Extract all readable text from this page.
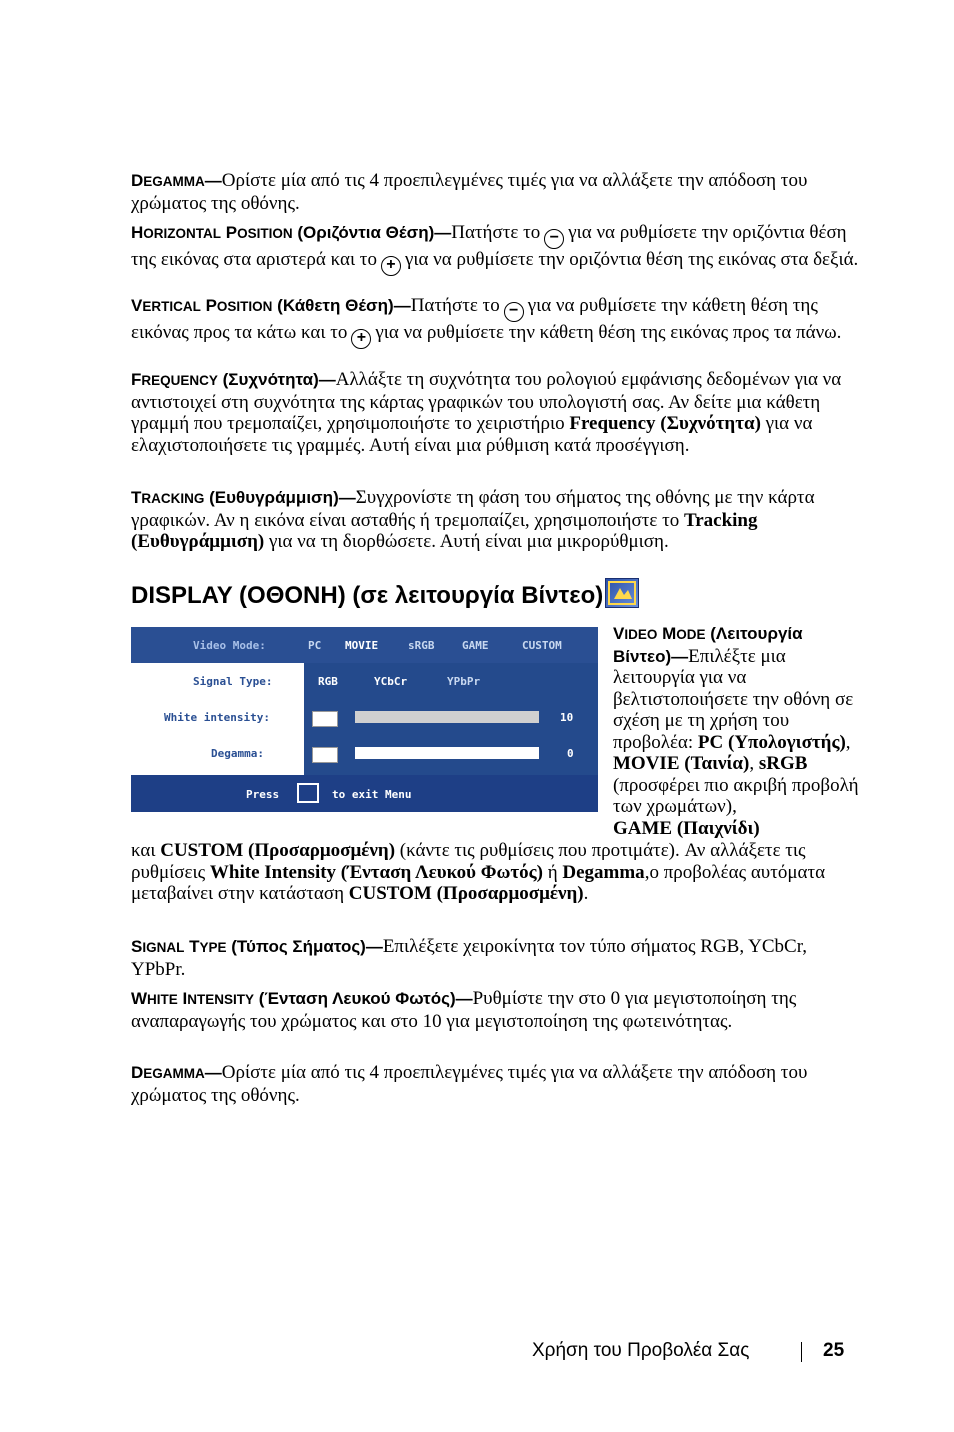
DEGAMMA—Ορίστε μία από τις 4 προεπιλεγμένες τιμές για να αλλάξετε την απόδοση του χρώματος της οθόνης.
HORIZONTAL POSITION (Οριζόντια Θέση)—Πατήστε το − για να ρυθμίσετε την οριζόντια θέση της εικόνας στα αριστερά και το + για να ρυθμίσετε την οριζόντια θέση της εικόνας στα δεξιά.
VERTICAL POSITION (Κάθετη Θέση)—Πατήστε το − για να ρυθμίσετε την κάθετη θέση της εικόνας προς τα κάτω και το + για να ρυθμίσετε την κάθετη θέση της εικόνας προς τα πάνω.
FREQUENCY (Συχνότητα)—Αλλάξτε τη συχνότητα του ρολογιού εμφάνισης δεδομένων για να αντιστοιχεί στη συχνότητα της κάρτας γραφικών του υπολογιστή σας. Αν δείτε μια κάθετη γραμμή που τρεμοπαίζει, χρησιμοποιήστε το χειριστήριο Frequency (Συχνότητα) για να ελαχιστοποιήσετε τις γραμμές. Αυτή είναι μια ρύθμιση κατά προσέγγιση.
TRACKING (Ευθυγράμμιση)—Συγχρονίστε τη φάση του σήματος της οθόνης με την κάρτα γραφικών. Αν η εικόνα είναι ασταθής ή τρεμοπαίζει, χρησιμοποιήστε το Tracking (Ευθυγράμμιση) για να τη διορθώσετε. Αυτή είναι μια μικρορύθμιση.
DISPLAY (ΟΘΟΝΗ) (σε λειτουργία Βίντεο)
Video Mode:	PC MOVIE	sRGB	GAME	CUSTOM
Signal Type:	RGB	YCbCr	YPbPr
White intensity:	10
Degamma:	0
Press	to exit Menu
VIDEO MODE (Λειτουργία Βίντεο)—Επιλέξτε μια λειτουργία για να βελτιστοποιήσετε την οθόνη σε σχέση με τη χρήση του προβολέα: PC (Υπολογιστής), MOVIE (Ταινία), sRGB (προσφέρει πιο ακριβή προβολή των χρωμάτων),
GAME (Παιχνίδι)
και CUSTOM (Προσαρμοσμένη) (κάντε τις ρυθμίσεις που προτιμάτε). Αν αλλάξετε τις ρυθμίσεις White Intensity (Ένταση Λευκού Φωτός) ή Degamma,ο προβολέας αυτόματα μεταβαίνει στην κατάσταση CUSTOM (Προσαρμοσμένη).
SIGNAL TYPE (Τύπος Σήματος)—Επιλέξετε χειροκίνητα τον τύπο σήματος RGB, YCbCr, YPbPr.
WHITE INTENSITY (Ένταση Λευκού Φωτός)—Ρυθμίστε την στο 0 για μεγιστοποίηση της αναπαραγωγής του χρώματος και στο 10 για μεγιστοποίηση της φωτεινότητας.
DEGAMMA—Ορίστε μία από τις 4 προεπιλεγμένες τιμές για να αλλάξετε την απόδοση του χρώματος της οθόνης.
Χρήση του Προβολέα Σας	25
